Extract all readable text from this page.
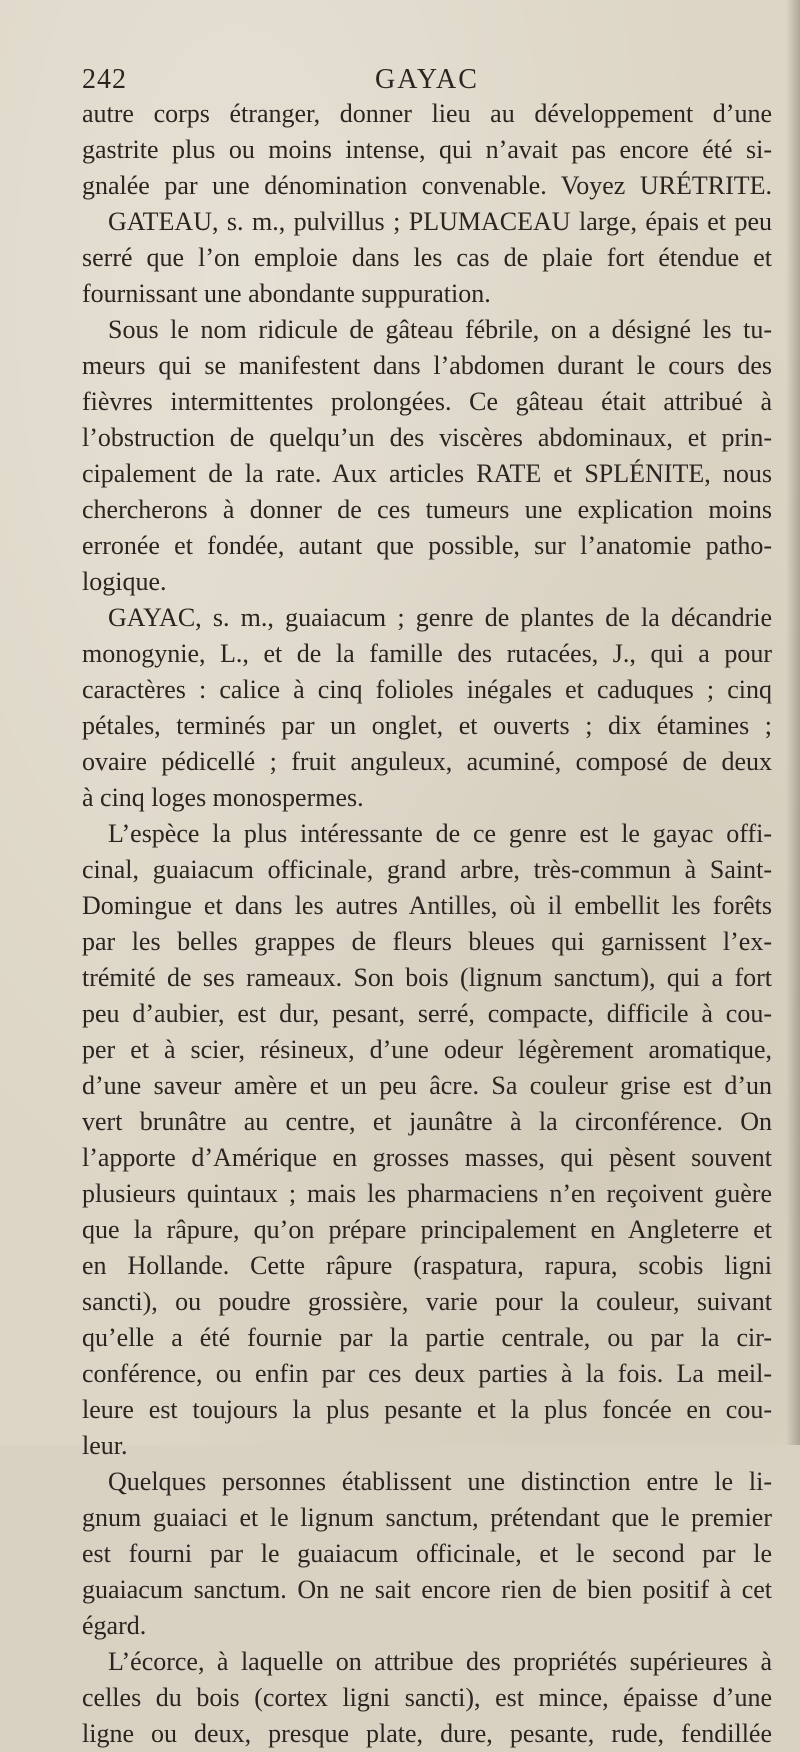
242	GAYAC
autre corps étranger, donner lieu au développement d’une
gastrite plus ou moins intense, qui n’avait pas encore été si-
gnalée par une dénomination convenable. Voyez URÉTRITE.
GATEAU, s. m., pulvillus ; PLUMACEAU large, épais et peu
serré que l’on emploie dans les cas de plaie fort étendue et
fournissant une abondante suppuration.
Sous le nom ridicule de gâteau fébrile, on a désigné les tu-
meurs qui se manifestent dans l’abdomen durant le cours des
fièvres intermittentes prolongées. Ce gâteau était attribué à
l’obstruction de quelqu’un des viscères abdominaux, et prin-
cipalement de la rate. Aux articles RATE et SPLÉNITE, nous
chercherons à donner de ces tumeurs une explication moins
erronée et fondée, autant que possible, sur l’anatomie patho-
logique.
GAYAC, s. m., guaiacum ; genre de plantes de la décandrie
monogynie, L., et de la famille des rutacées, J., qui a pour
caractères : calice à cinq folioles inégales et caduques ; cinq
pétales, terminés par un onglet, et ouverts ; dix étamines ;
ovaire pédicellé ; fruit anguleux, acuminé, composé de deux
à cinq loges monospermes.
L’espèce la plus intéressante de ce genre est le gayac offi-
cinal, guaiacum officinale, grand arbre, très-commun à Saint-
Domingue et dans les autres Antilles, où il embellit les forêts
par les belles grappes de fleurs bleues qui garnissent l’ex-
trémité de ses rameaux. Son bois (lignum sanctum), qui a fort
peu d’aubier, est dur, pesant, serré, compacte, difficile à cou-
per et à scier, résineux, d’une odeur légèrement aromatique,
d’une saveur amère et un peu âcre. Sa couleur grise est d’un
vert brunâtre au centre, et jaunâtre à la circonférence. On
l’apporte d’Amérique en grosses masses, qui pèsent souvent
plusieurs quintaux ; mais les pharmaciens n’en reçoivent guère
que la râpure, qu’on prépare principalement en Angleterre et
en Hollande. Cette râpure (raspatura, rapura, scobis ligni
sancti), ou poudre grossière, varie pour la couleur, suivant
qu’elle a été fournie par la partie centrale, ou par la cir-
conférence, ou enfin par ces deux parties à la fois. La meil-
leure est toujours la plus pesante et la plus foncée en cou-
leur.
Quelques personnes établissent une distinction entre le li-
gnum guaiaci et le lignum sanctum, prétendant que le premier
est fourni par le guaiacum officinale, et le second par le
guaiacum sanctum. On ne sait encore rien de bien positif à cet
égard.
L’écorce, à laquelle on attribue des propriétés supérieures à
celles du bois (cortex ligni sancti), est mince, épaisse d’une
ligne ou deux, presque plate, dure, pesante, rude, fendillée
